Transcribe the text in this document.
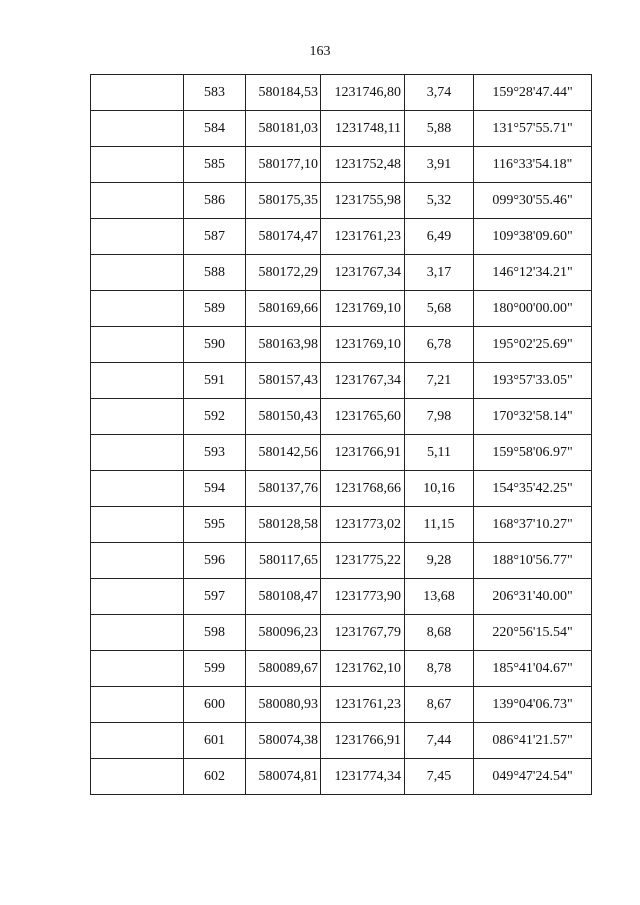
163

	583	580184,53	1231746,80	3,74	159°28'47.44"

	584	580181,03	1231748,11	5,88	131°57'55.71"

	585	580177,10	1231752,48	3,91	116°33'54.18"

	586	580175,35	1231755,98	5,32	099°30'55.46"

	587	580174,47	1231761,23	6,49	109°38'09.60"

	588	580172,29	1231767,34	3,17	146°12'34.21"

	589	580169,66	1231769,10	5,68	180°00'00.00"

	590	580163,98	1231769,10	6,78	195°02'25.69"

	591	580157,43	1231767,34	7,21	193°57'33.05"

	592	580150,43	1231765,60	7,98	170°32'58.14"

	593	580142,56	1231766,91	5,11	159°58'06.97"

	594	580137,76	1231768,66	10,16	154°35'42.25"

	595	580128,58	1231773,02	11,15	168°37'10.27"

	596	580117,65	1231775,22	9,28	188°10'56.77"

	597	580108,47	1231773,90	13,68	206°31'40.00"

	598	580096,23	1231767,79	8,68	220°56'15.54"

	599	580089,67	1231762,10	8,78	185°41'04.67"

	600	580080,93	1231761,23	8,67	139°04'06.73"

	601	580074,38	1231766,91	7,44	086°41'21.57"

	602	580074,81	1231774,34	7,45	049°47'24.54"
